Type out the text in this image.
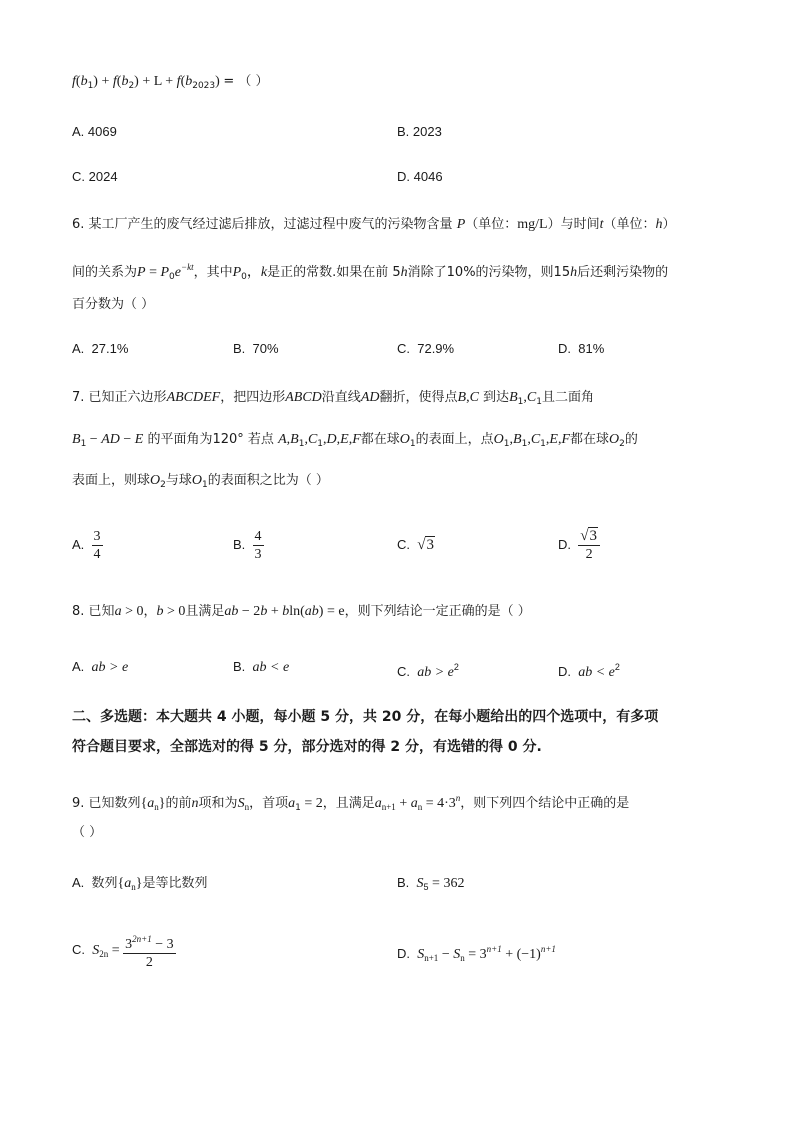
$f(b_1) + f(b_2) + L + f(b_{2023})$ = （ ）
A. 4069	B. 2023
C. 2024	D. 4046
6. 某工厂产生的废气经过滤后排放，过滤过程中废气的污染物含量 P（单位：mg/L）与时间t（单位：h）
间的关系为$P = P_0e^{-kt}$，其中$P_0$，k是正的常数.如果在前 5h消除了10%的污染物，则15h后还剩污染物的
百分数为（ ）
A. 27.1%	B. 70%	C. 72.9%	D. 81%
7. 已知正六边形ABCDEF，把四边形ABCD沿直线AD翻折，使得点B,C 到达$B_1,C_1$且二面角
$B_1$ − AD − E 的平面角为120° 若点 $A,B_1,C_1,D,E,F$都在球$O_1$的表面上，点$O_1,B_1,C_1,E,F$都在球$O_2$的
表面上，则球$O_2$与球$O_1$的表面积之比为（ ）
A. $\frac{3}{4}$	B. $\frac{4}{3}$	C. √3	D. $\frac{√3}{2}$
8. 已知a > 0，b > 0且满足ab − 2b + bln(ab) = e，则下列结论一定正确的是（ ）
A. ab > e	B. ab < e	C. ab > $e^2$	D. ab < $e^2$
二、多选题：本大题共 4 小题，每小题 5 分，共 20 分，在每小题给出的四个选项中，有多项
符合题目要求，全部选对的得 5 分，部分选对的得 2 分，有选错的得 0 分.
9. 已知数列$\{a_n\}$的前n项和为$S_n$，首项$a_1 = 2$，且满足$a_{n+1} + a_n = 4\cdot 3^n$，则下列四个结论中正确的是
（ ）
A. 数列$\{a_n\}$是等比数列	B. $S_5 = 362$
C. $S_{2n} = \frac{3^{2n+1} - 3}{2}$	D. $S_{n+1} - S_n = 3^{n+1} + (-1)^{n+1}$
